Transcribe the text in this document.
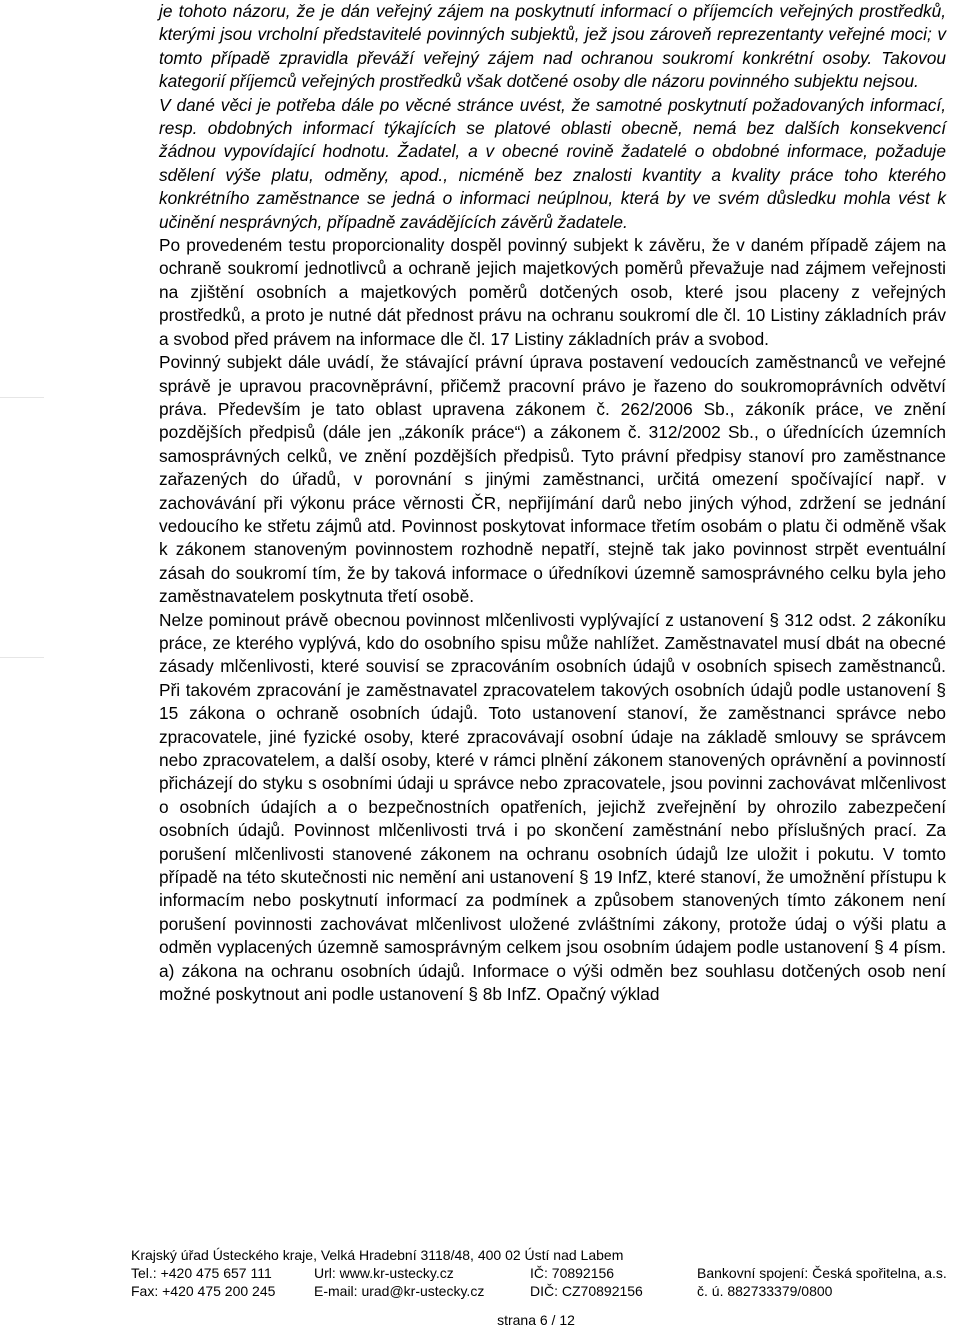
je tohoto názoru, že je dán veřejný zájem na poskytnutí informací o příjemcích veřejných prostředků, kterými jsou vrcholní představitelé povinných subjektů, jež jsou zároveň reprezentanty veřejné moci; v tomto případě zpravidla převáží veřejný zájem nad ochranou soukromí konkrétní osoby. Takovou kategorií příjemců veřejných prostředků však dotčené osoby dle názoru povinného subjektu nejsou.

V dané věci je potřeba dále po věcné stránce uvést, že samotné poskytnutí požadovaných informací, resp. obdobných informací týkajících se platové oblasti obecně, nemá bez dalších konsekvencí žádnou vypovídající hodnotu. Žadatel, a v obecné rovině žadatelé o obdobné informace, požaduje sdělení výše platu, odměny, apod., nicméně bez znalosti kvantity a kvality práce toho kterého konkrétního zaměstnance se jedná o informaci neúplnou, která by ve svém důsledku mohla vést k učinění nesprávných, případně zavádějících závěrů žadatele.

Po provedeném testu proporcionality dospěl povinný subjekt k závěru, že v daném případě zájem na ochraně soukromí jednotlivců a ochraně jejich majetkových poměrů převažuje nad zájmem veřejnosti na zjištění osobních a majetkových poměrů dotčených osob, které jsou placeny z veřejných prostředků, a proto je nutné dát přednost právu na ochranu soukromí dle čl. 10 Listiny základních práv a svobod před právem na informace dle čl. 17 Listiny základních práv a svobod.

Povinný subjekt dále uvádí, že stávající právní úprava postavení vedoucích zaměstnanců ve veřejné správě je upravou pracovněprávní, přičemž pracovní právo je řazeno do soukromoprávních odvětví práva. Především je tato oblast upravena zákonem č. 262/2006 Sb., zákoník práce, ve znění pozdějších předpisů (dále jen „zákoník práce“) a zákonem č. 312/2002 Sb., o úřednících územních samosprávných celků, ve znění pozdějších předpisů. Tyto právní předpisy stanoví pro zaměstnance zařazených do úřadů, v porovnání s jinými zaměstnanci, určitá omezení spočívající např. v zachovávání při výkonu práce věrnosti ČR, nepřijímání darů nebo jiných výhod, zdržení se jednání vedoucího ke střetu zájmů atd. Povinnost poskytovat informace třetím osobám o platu či odměně však k zákonem stanoveným povinnostem rozhodně nepatří, stejně tak jako povinnost strpět eventuální zásah do soukromí tím, že by taková informace o úředníkovi územně samosprávného celku byla jeho zaměstnavatelem poskytnuta třetí osobě.

Nelze pominout právě obecnou povinnost mlčenlivosti vyplývající z ustanovení § 312 odst. 2 zákoníku práce, ze kterého vyplývá, kdo do osobního spisu může nahlížet. Zaměstnavatel musí dbát na obecné zásady mlčenlivosti, které souvisí se zpracováním osobních údajů v osobních spisech zaměstnanců. Při takovém zpracování je zaměstnavatel zpracovatelem takových osobních údajů podle ustanovení § 15 zákona o ochraně osobních údajů. Toto ustanovení stanoví, že zaměstnanci správce nebo zpracovatele, jiné fyzické osoby, které zpracovávají osobní údaje na základě smlouvy se správcem nebo zpracovatelem, a další osoby, které v rámci plnění zákonem stanovených oprávnění a povinností přicházejí do styku s osobními údaji u správce nebo zpracovatele, jsou povinni zachovávat mlčenlivost o osobních údajích a o bezpečnostních opatřeních, jejichž zveřejnění by ohrozilo zabezpečení osobních údajů. Povinnost mlčenlivosti trvá i po skončení zaměstnání nebo příslušných prací. Za porušení mlčenlivosti stanovené zákonem na ochranu osobních údajů lze uložit i pokutu. V tomto případě na této skutečnosti nic nemění ani ustanovení § 19 InfZ, které stanoví, že umožnění přístupu k informacím nebo poskytnutí informací za podmínek a způsobem stanovených tímto zákonem není porušení povinnosti zachovávat mlčenlivost uložené zvláštními zákony, protože údaj o výši platu a odměn vyplacených územně samosprávným celkem jsou osobním údajem podle ustanovení § 4 písm. a) zákona na ochranu osobních údajů. Informace o výši odměn bez souhlasu dotčených osob není možné poskytnout ani podle ustanovení § 8b InfZ. Opačný výklad

Krajský úřad Ústeckého kraje, Velká Hradební 3118/48, 400 02 Ústí nad Labem
Tel.: +420 475 657 111	Url: www.kr-ustecky.cz	IČ: 70892156	Bankovní spojení: Česká spořitelna, a.s.
Fax: +420 475 200 245	E-mail: urad@kr-ustecky.cz	DIČ: CZ70892156	č. ú. 882733379/0800
strana 6 / 12
